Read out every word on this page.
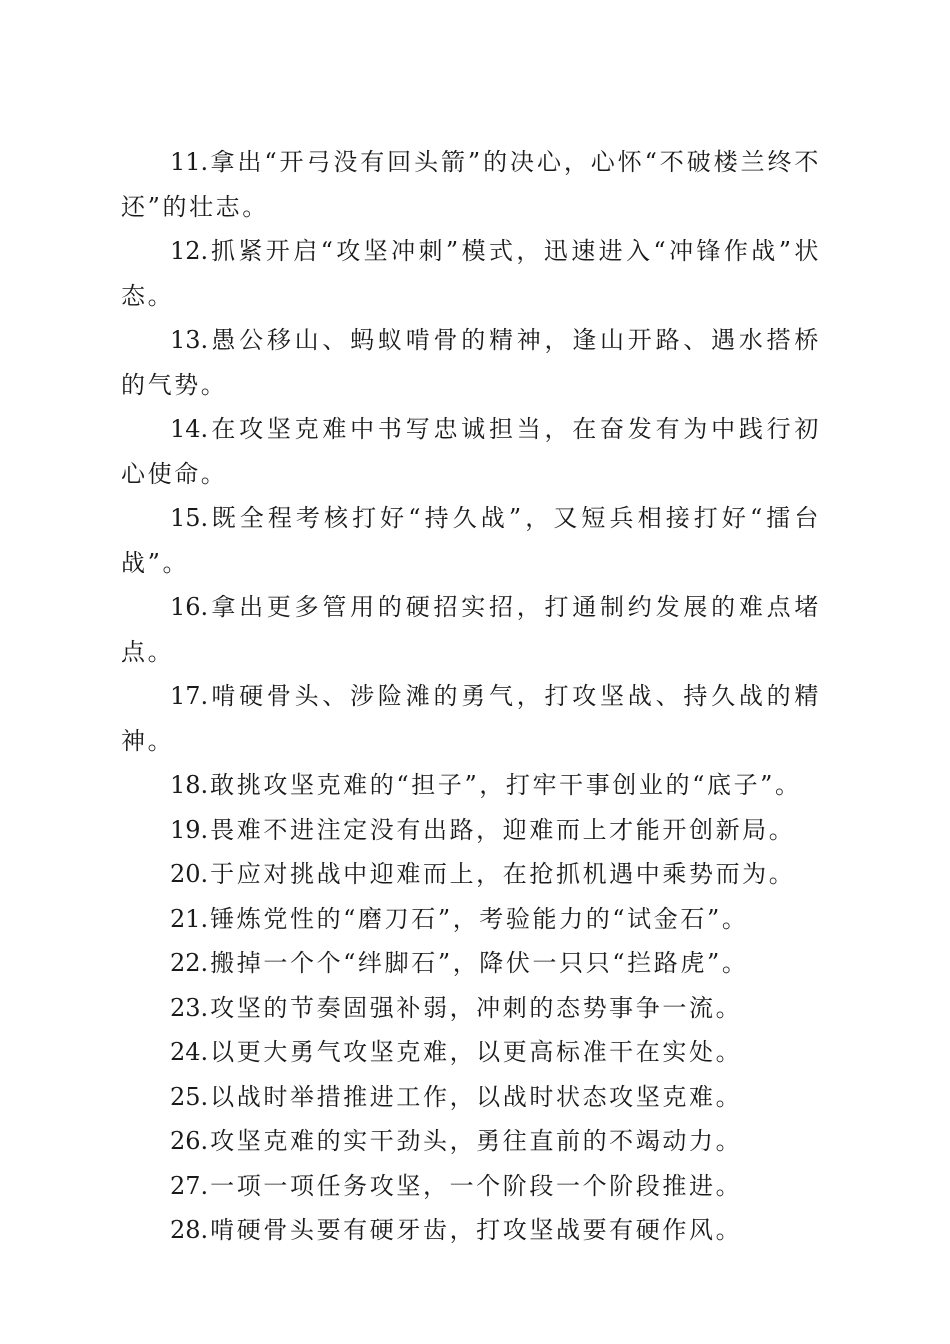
11.拿出“开弓没有回头箭”的决心，心怀“不破楼兰终不还”的壮志。

12.抓紧开启“攻坚冲刺”模式，迅速进入“冲锋作战”状态。

13.愚公移山、蚂蚁啃骨的精神，逢山开路、遇水搭桥的气势。

14.在攻坚克难中书写忠诚担当，在奋发有为中践行初心使命。

15.既全程考核打好“持久战”，又短兵相接打好“擂台战”。

16.拿出更多管用的硬招实招，打通制约发展的难点堵点。

17.啃硬骨头、涉险滩的勇气，打攻坚战、持久战的精神。

18.敢挑攻坚克难的“担子”，打牢干事创业的“底子”。

19.畏难不进注定没有出路，迎难而上才能开创新局。

20.于应对挑战中迎难而上，在抢抓机遇中乘势而为。

21.锤炼党性的“磨刀石”，考验能力的“试金石”。

22.搬掉一个个“绊脚石”，降伏一只只“拦路虎”。

23.攻坚的节奏固强补弱，冲刺的态势事争一流。

24.以更大勇气攻坚克难，以更高标准干在实处。

25.以战时举措推进工作，以战时状态攻坚克难。

26.攻坚克难的实干劲头，勇往直前的不竭动力。

27.一项一项任务攻坚，一个阶段一个阶段推进。

28.啃硬骨头要有硬牙齿，打攻坚战要有硬作风。
